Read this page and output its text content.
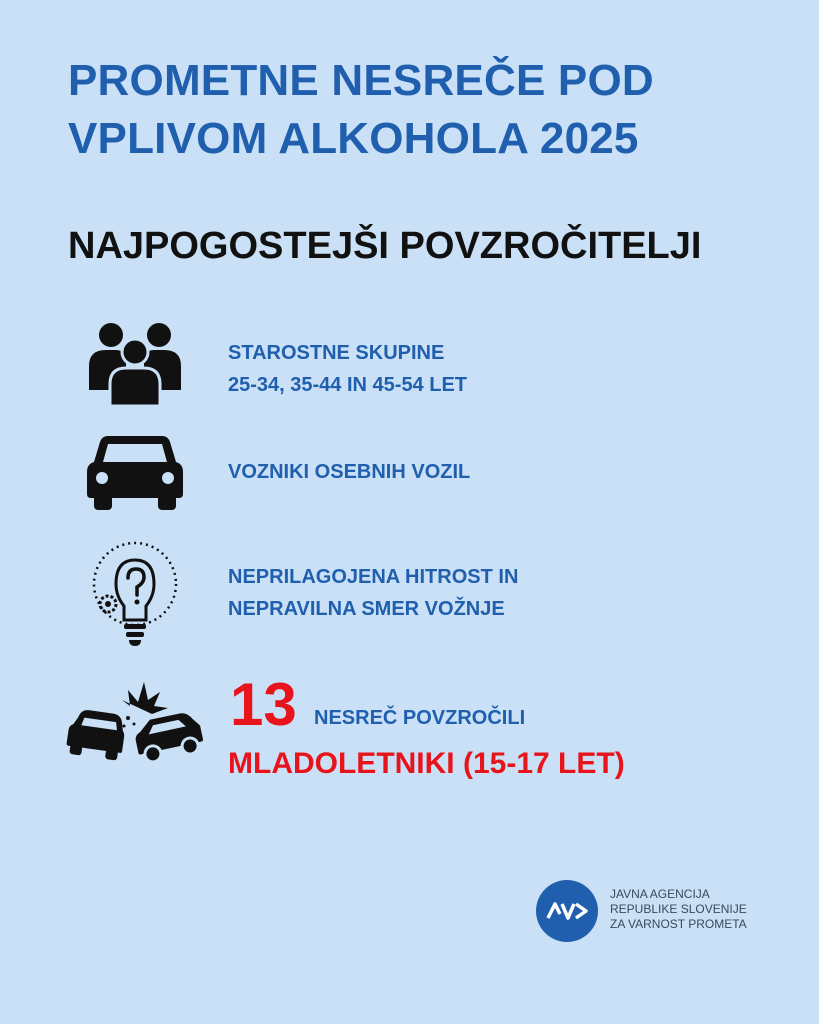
PROMETNE NESREČE POD
VPLIVOM ALKOHOLA 2025
NAJPOGOSTEJŠI POVZROČITELJI
STAROSTNE SKUPINE
25-34, 35-44 IN 45-54 LET
VOZNIKI OSEBNIH VOZIL
NEPRILAGOJENA HITROST IN
NEPRAVILNA SMER VOŽNJE
13 NESREČ POVZROČILI
MLADOLETNIKI (15-17 LET)
JAVNA AGENCIJA
REPUBLIKE SLOVENIJE
ZA VARNOST PROMETA
